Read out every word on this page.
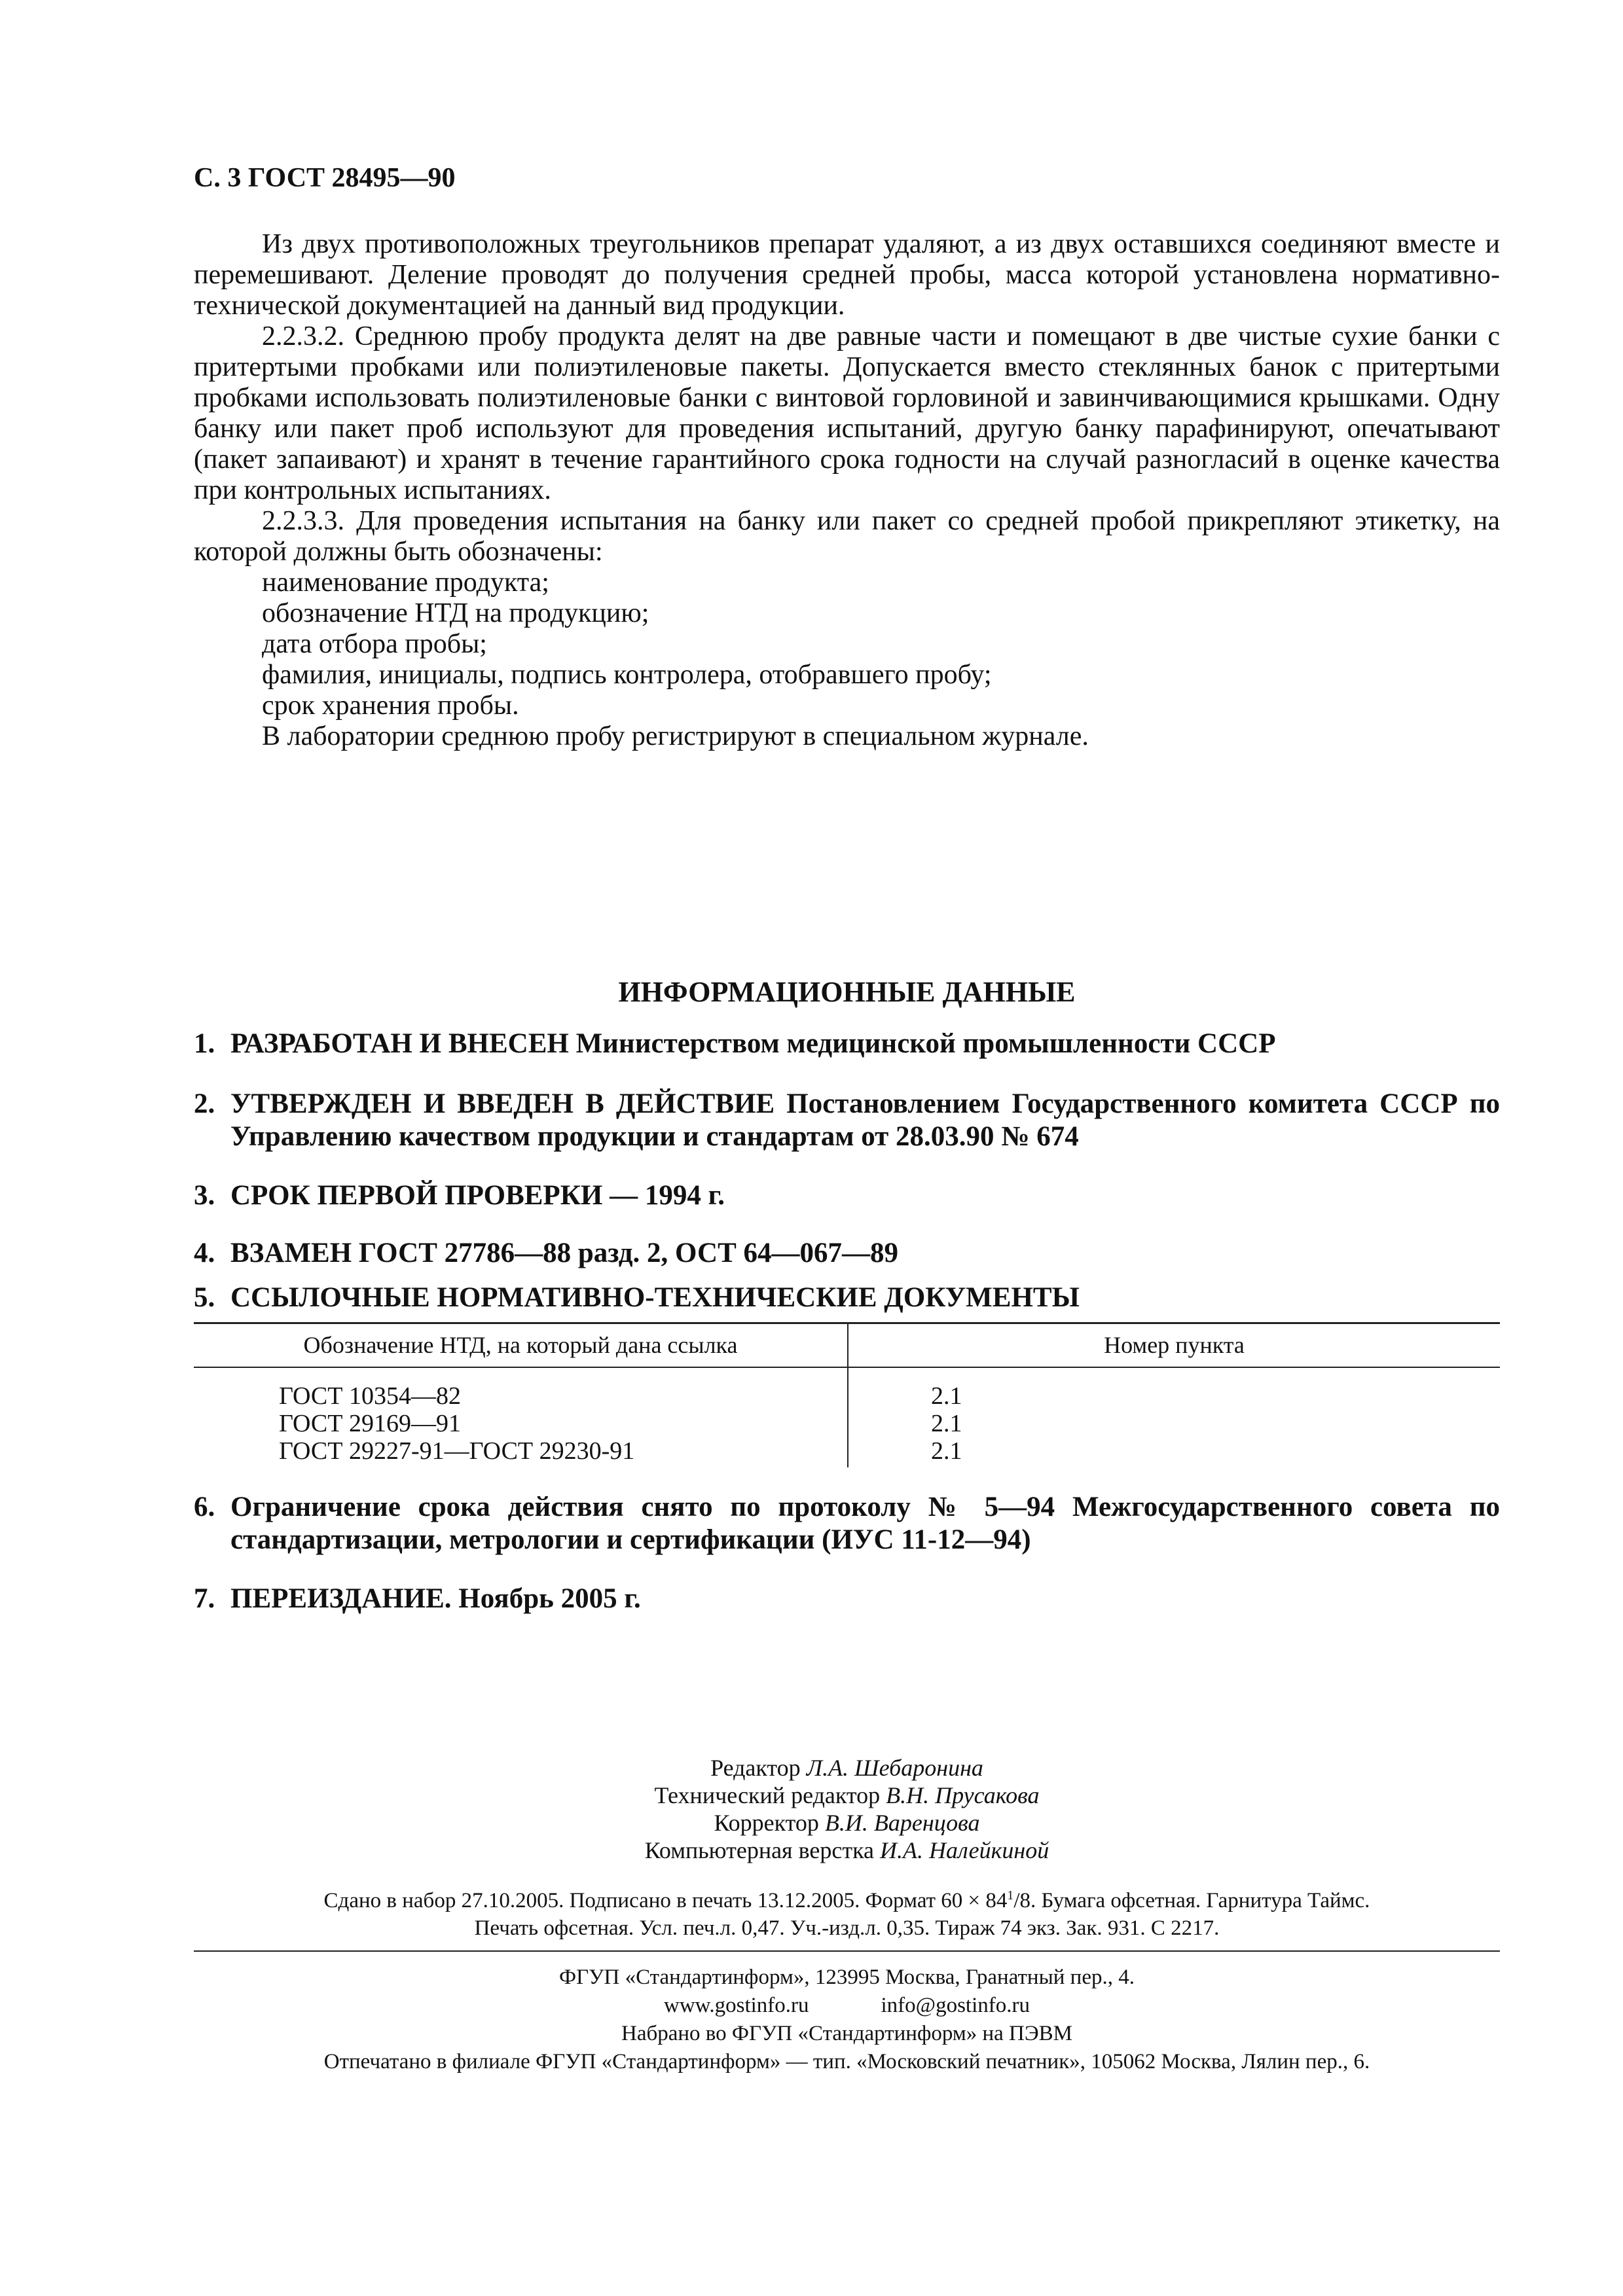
С. 3 ГОСТ 28495—90

Из двух противоположных треугольников препарат удаляют, а из двух оставшихся соединяют вместе и перемешивают. Деление проводят до получения средней пробы, масса которой установлена нормативно-технической документацией на данный вид продукции.

2.2.3.2. Среднюю пробу продукта делят на две равные части и помещают в две чистые сухие банки с притертыми пробками или полиэтиленовые пакеты. Допускается вместо стеклянных банок с притертыми пробками использовать полиэтиленовые банки с винтовой горловиной и завинчивающимися крышками. Одну банку или пакет проб используют для проведения испытаний, другую банку парафинируют, опечатывают (пакет запаивают) и хранят в течение гарантийного срока годности на случай разногласий в оценке качества при контрольных испытаниях.

2.2.3.3. Для проведения испытания на банку или пакет со средней пробой прикрепляют этикетку, на которой должны быть обозначены:

наименование продукта;
обозначение НТД на продукцию;
дата отбора пробы;
фамилия, инициалы, подпись контролера, отобравшего пробу;
срок хранения пробы.
В лаборатории среднюю пробу регистрируют в специальном журнале.
ИНФОРМАЦИОННЫЕ ДАННЫЕ
1. РАЗРАБОТАН И ВНЕСЕН Министерством медицинской промышленности СССР
2. УТВЕРЖДЕН И ВВЕДЕН В ДЕЙСТВИЕ Постановлением Государственного комитета СССР по Управлению качеством продукции и стандартам от 28.03.90 № 674
3. СРОК ПЕРВОЙ ПРОВЕРКИ — 1994 г.
4. ВЗАМЕН ГОСТ 27786—88 разд. 2, ОСТ 64—067—89
5. ССЫЛОЧНЫЕ НОРМАТИВНО-ТЕХНИЧЕСКИЕ ДОКУМЕНТЫ
6. Ограничение срока действия снято по протоколу № 5—94 Межгосударственного совета по стандартизации, метрологии и сертификации (ИУС 11-12—94)
7. ПЕРЕИЗДАНИЕ. Ноябрь 2005 г.
Обозначение НТД, на который дана ссылка	Номер пункта
ГОСТ 10354—82
ГОСТ 29169—91
ГОСТ 29227-91—ГОСТ 29230-91
2.1
2.1
2.1
Редактор Л.А. Шебаронина
Технический редактор В.Н. Прусакова
Корректор В.И. Варенцова
Компьютерная верстка И.А. Налейкиной
Сдано в набор 27.10.2005. Подписано в печать 13.12.2005. Формат $60 \times 84^1/8$. Бумага офсетная. Гарнитура Таймс.
Печать офсетная. Усл. печ.л. 0,47. Уч.-изд.л. 0,35. Тираж 74 экз. Зак. 931. С 2217.
ФГУП «Стандартинформ», 123995 Москва, Гранатный пер., 4.
www.gostinfo.ru	info@gostinfo.ru
Набрано во ФГУП «Стандартинформ» на ПЭВМ
Отпечатано в филиале ФГУП «Стандартинформ» — тип. «Московский печатник», 105062 Москва, Лялин пер., 6.
